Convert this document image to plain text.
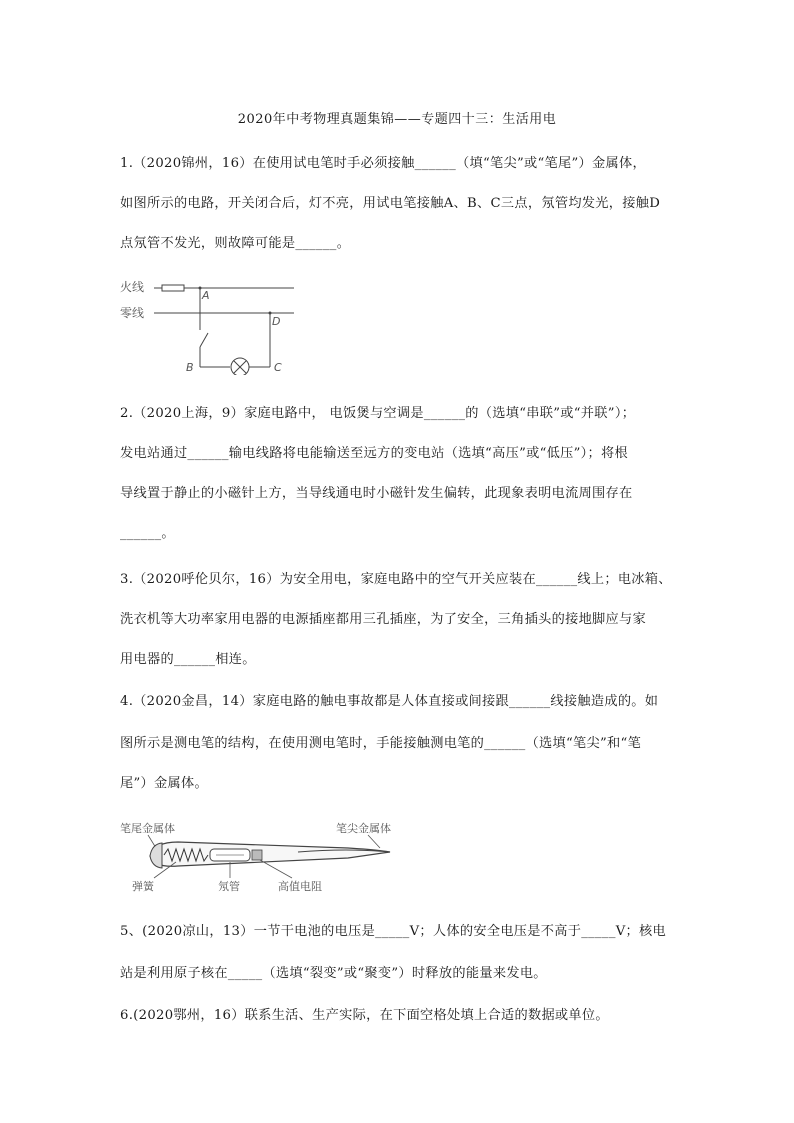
2020年中考物理真题集锦——专题四十三：生活用电
1.（2020锦州，16）在使用试电笔时手必须接触______（填“笔尖”或“笔尾”）金属体，
如图所示的电路，开关闭合后，灯不亮，用试电笔接触A、B、C三点，氖管均发光，接触D
点氖管不发光，则故障可能是______。
火线
零线
A
B	C
D
2.（2020上海，9）家庭电路中， 电饭煲与空调是______的（选填“串联”或“并联”）；
发电站通过______输电线路将电能输送至远方的变电站（选填“高压”或“低压”）；将根
导线置于静止的小磁针上方，当导线通电时小磁针发生偏转，此现象表明电流周围存在
______。
3.（2020呼伦贝尔，16）为安全用电，家庭电路中的空气开关应装在______线上；电冰箱、
洗衣机等大功率家用电器的电源插座都用三孔插座，为了安全，三角插头的接地脚应与家
用电器的______相连。
4.（2020金昌，14）家庭电路的触电事故都是人体直接或间接跟______线接触造成的。如
图所示是测电笔的结构，在使用测电笔时，手能接触测电笔的______（选填“笔尖”和“笔
尾”）金属体。
笔尾金属体	笔尖金属体
弹簧	氖管	高值电阻
5、(2020凉山，13）一节干电池的电压是_____V；人体的安全电压是不高于_____V；核电
站是利用原子核在_____（选填“裂变”或“聚变”）时释放的能量来发电。
6.(2020鄂州，16）联系生活、生产实际，在下面空格处填上合适的数据或单位。
